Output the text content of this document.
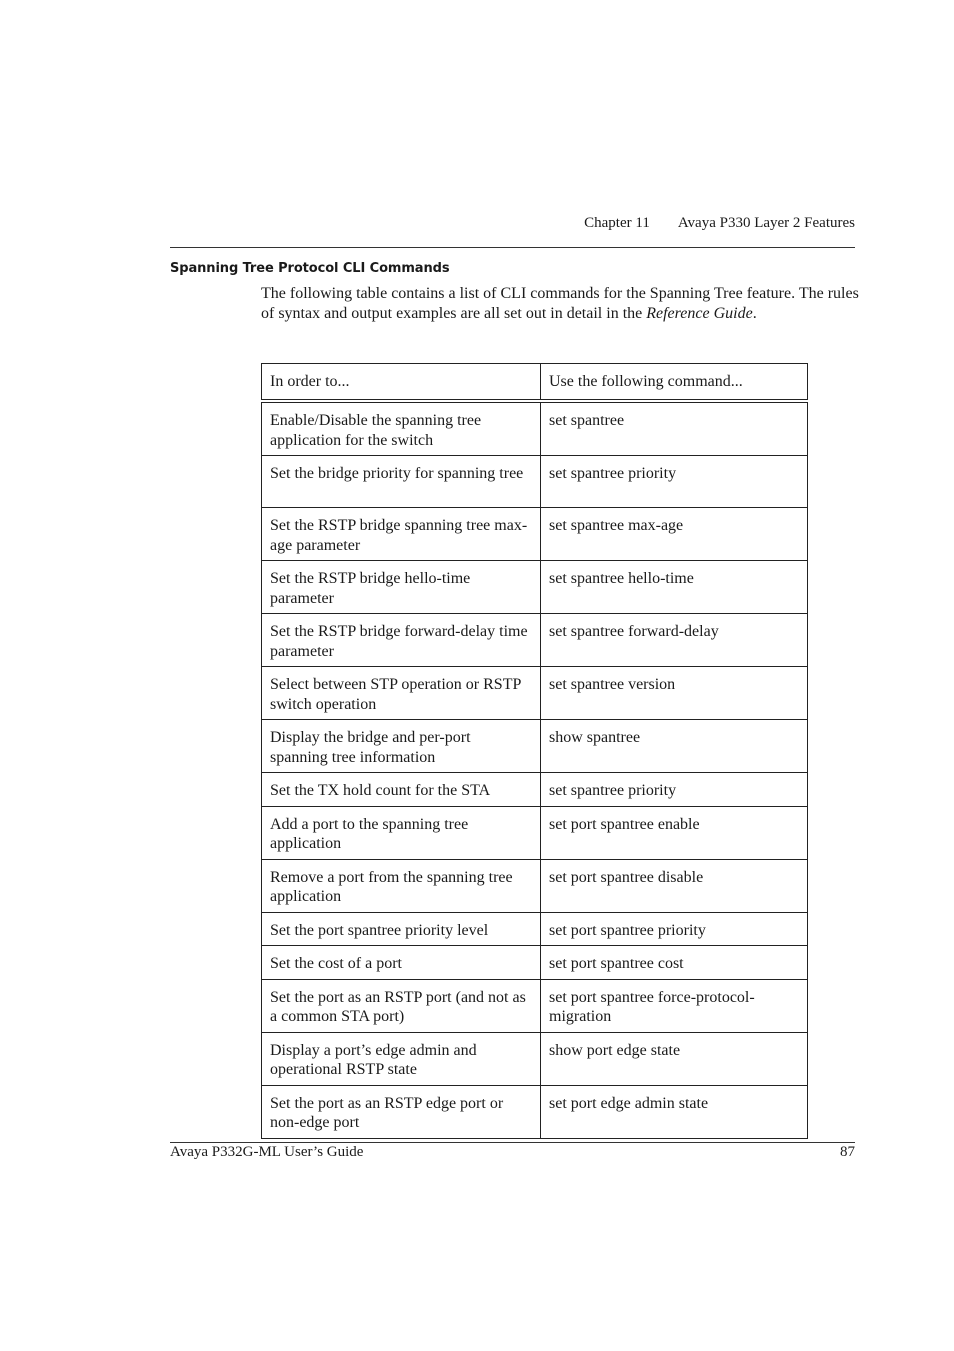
Chapter 11 Avaya P330 Layer 2 Features
Spanning Tree Protocol CLI Commands

The following table contains a list of CLI commands for the Spanning Tree feature. The rules of syntax and output examples are all set out in detail in the Reference Guide.

In order to...	Use the following command...
Enable/Disable the spanning tree application for the switch	set spantree
Set the bridge priority for spanning tree	set spantree priority
Set the RSTP bridge spanning tree max-age parameter	set spantree max-age
Set the RSTP bridge hello-time parameter	set spantree hello-time
Set the RSTP bridge forward-delay time parameter	set spantree forward-delay
Select between STP operation or RSTP switch operation	set spantree version
Display the bridge and per-port spanning tree information	show spantree
Set the TX hold count for the STA	set spantree priority
Add a port to the spanning tree application	set port spantree enable
Remove a port from the spanning tree application	set port spantree disable
Set the port spantree priority level	set port spantree priority
Set the cost of a port	set port spantree cost
Set the port as an RSTP port (and not as a common STA port)	set port spantree force-protocol-migration
Display a port’s edge admin and operational RSTP state	show port edge state
Set the port as an RSTP edge port or non-edge port	set port edge admin state
Avaya P332G-ML User’s Guide	87
